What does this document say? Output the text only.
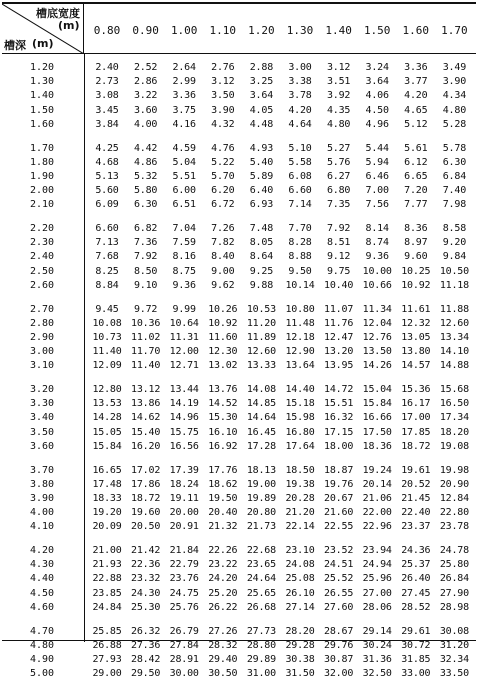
槽底宽度
(m)
槽深 (m)
0.80	0.90	1.00	1.10	1.20	1.30	1.40	1.50	1.60	1.70
1.20	2.40	2.52	2.64	2.76	2.88	3.00	3.12	3.24	3.36	3.49
1.30	2.73	2.86	2.99	3.12	3.25	3.38	3.51	3.64	3.77	3.90
1.40	3.08	3.22	3.36	3.50	3.64	3.78	3.92	4.06	4.20	4.34
1.50	3.45	3.60	3.75	3.90	4.05	4.20	4.35	4.50	4.65	4.80
1.60	3.84	4.00	4.16	4.32	4.48	4.64	4.80	4.96	5.12	5.28
1.70	4.25	4.42	4.59	4.76	4.93	5.10	5.27	5.44	5.61	5.78
1.80	4.68	4.86	5.04	5.22	5.40	5.58	5.76	5.94	6.12	6.30
1.90	5.13	5.32	5.51	5.70	5.89	6.08	6.27	6.46	6.65	6.84
2.00	5.60	5.80	6.00	6.20	6.40	6.60	6.80	7.00	7.20	7.40
2.10	6.09	6.30	6.51	6.72	6.93	7.14	7.35	7.56	7.77	7.98
2.20	6.60	6.82	7.04	7.26	7.48	7.70	7.92	8.14	8.36	8.58
2.30	7.13	7.36	7.59	7.82	8.05	8.28	8.51	8.74	8.97	9.20
2.40	7.68	7.92	8.16	8.40	8.64	8.88	9.12	9.36	9.60	9.84
2.50	8.25	8.50	8.75	9.00	9.25	9.50	9.75	10.00 10.25 10.50
2.60	8.84	9.10	9.36	9.62	9.88	10.14 10.40 10.66 10.92 11.18
2.70	9.45	9.72	9.99	10.26 10.53 10.80 11.07 11.34 11.61 11.88
2.80	10.08 10.36 10.64 10.92 11.20 11.48 11.76 12.04 12.32 12.60
2.90	10.73 11.02 11.31 11.60 11.89 12.18 12.47 12.76 13.05 13.34
3.00	11.40 11.70 12.00 12.30 12.60 12.90 13.20 13.50 13.80 14.10
3.10	12.09 11.40 12.71 13.02 13.33 13.64 13.95 14.26 14.57 14.88
3.20	12.80 13.12 13.44 13.76 14.08 14.40 14.72 15.04 15.36 15.68
3.30	13.53 13.86 14.19 14.52 14.85 15.18 15.51 15.84 16.17 16.50
3.40	14.28 14.62 14.96 15.30 14.64 15.98 16.32 16.66 17.00 17.34
3.50	15.05 15.40 15.75 16.10 16.45 16.80 17.15 17.50 17.85 18.20
3.60	15.84 16.20 16.56 16.92 17.28 17.64 18.00 18.36 18.72 19.08
3.70	16.65 17.02 17.39 17.76 18.13 18.50 18.87 19.24 19.61 19.98
3.80	17.48 17.86 18.24 18.62 19.00 19.38 19.76 20.14 20.52 20.90
3.90	18.33 18.72 19.11 19.50 19.89 20.28 20.67 21.06 21.45 12.84
4.00	19.20 19.60 20.00 20.40 20.80 21.20 21.60 22.00 22.40 22.80
4.10	20.09 20.50 20.91 21.32 21.73 22.14 22.55 22.96 23.37 23.78
4.20	21.00 21.42 21.84 22.26 22.68 23.10 23.52 23.94 24.36 24.78
4.30	21.93 22.36 22.79 23.22 23.65 24.08 24.51 24.94 25.37 25.80
4.40	22.88 23.32 23.76 24.20 24.64 25.08 25.52 25.96 26.40 26.84
4.50	23.85 24.30 24.75 25.20 25.65 26.10 26.55 27.00 27.45 27.90
4.60	24.84 25.30 25.76 26.22 26.68 27.14 27.60 28.06 28.52 28.98
4.70	25.85 26.32 26.79 27.26 27.73 28.20 28.67 29.14 29.61 30.08
4.80	26.88 27.36 27.84 28.32 28.80 29.28 29.76 30.24 30.72 31.20
4.90	27.93 28.42 28.91 29.40 29.89 30.38 30.87 31.36 31.85 32.34
5.00	29.00 29.50 30.00 30.50 31.00 31.50 32.00 32.50 33.00 33.50
